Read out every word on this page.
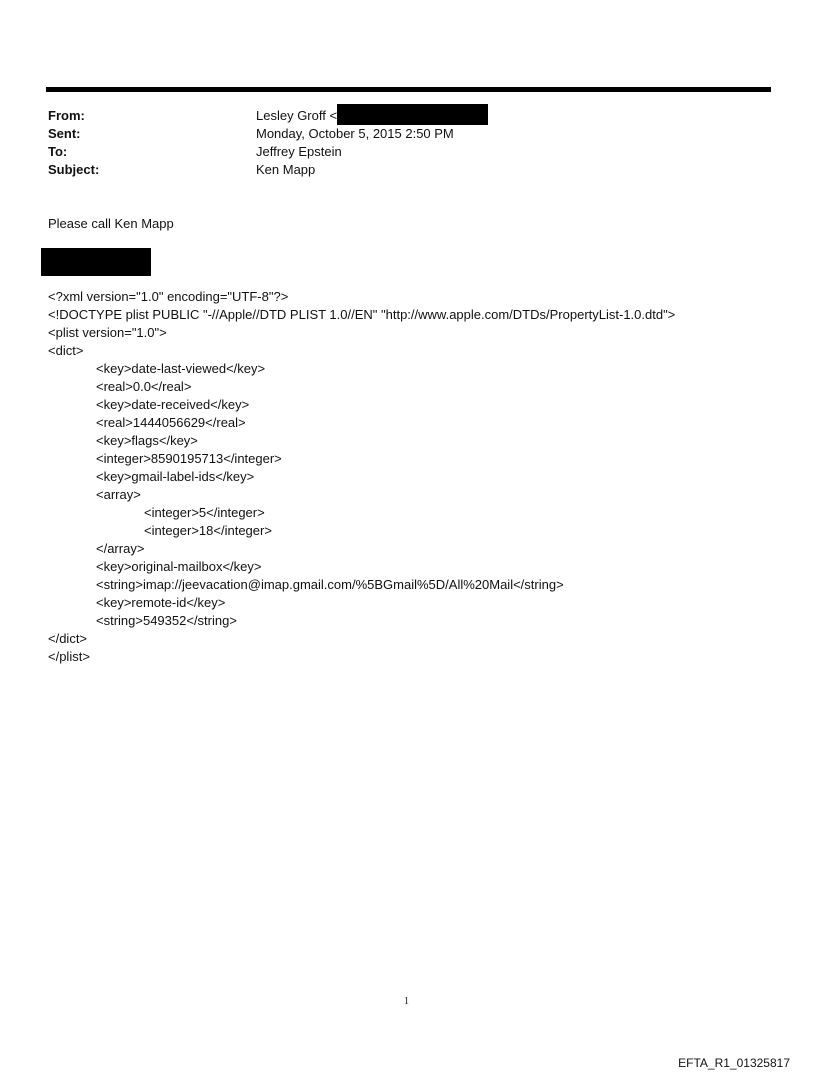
From:	Lesley Groff <
Sent:	Monday, October 5, 2015 2:50 PM
To:	Jeffrey Epstein
Subject:	Ken Mapp
Please call Ken Mapp
<?xml version="1.0" encoding="UTF-8"?>
<!DOCTYPE plist PUBLIC "-//Apple//DTD PLIST 1.0//EN" "http://www.apple.com/DTDs/PropertyList-1.0.dtd">
<plist version="1.0">
<dict>
<key>date-last-viewed</key>
<real>0.0</real>
<key>date-received</key>
<real>1444056629</real>
<key>flags</key>
<integer>8590195713</integer>
<key>gmail-label-ids</key>
<array>
<integer>5</integer>
<integer>18</integer>
</array>
<key>original-mailbox</key>
<string>imap://jeevacation@imap.gmail.com/%5BGmail%5D/All%20Mail</string>
<key>remote-id</key>
<string>549352</string>
</dict>
</plist>
1
EFTA_R1_01325817
